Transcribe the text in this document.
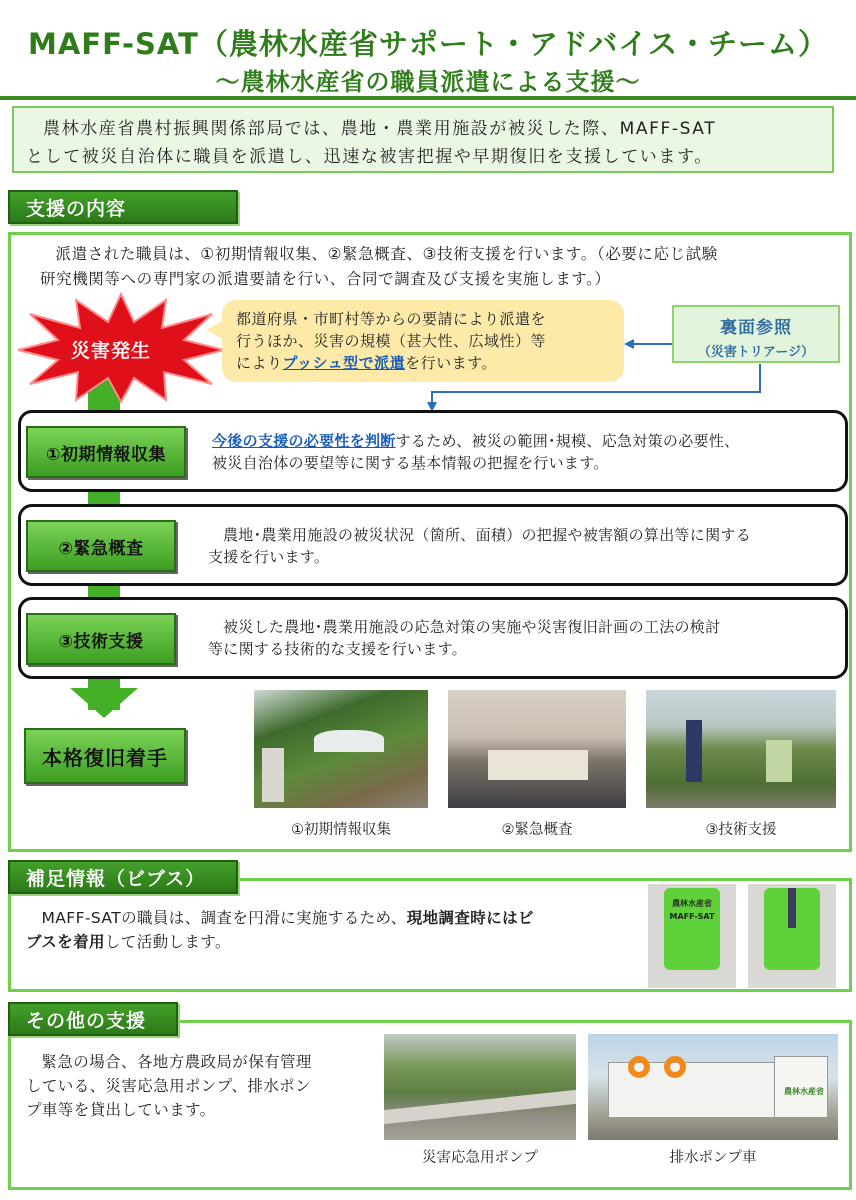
MAFF-SAT（農林水産省サポート・アドバイス・チーム）
～農林水産省の職員派遣による支援～

農林水産省農村振興関係部局では、農地・農業用施設が被災した際、MAFF-SAT

として被災自治体に職員を派遣し、迅速な被害把握や早期復旧を支援しています。
支援の内容
派遣された職員は、①初期情報収集、②緊急概査、③技術支援を行います。（必要に応じ試験
研究機関等への専門家の派遣要請を行い、合同で調査及び支援を実施します。）
災害発生
都道府県・市町村等からの要請により派遣を
行うほか、災害の規模（甚大性、広域性）等
によりプッシュ型で派遣を行います。
裏面参照
（災害トリアージ）
①初期情報収集
今後の支援の必要性を判断するため、被災の範囲･規模、応急対策の必要性、
被災自治体の要望等に関する基本情報の把握を行います。
②緊急概査
農地･農業用施設の被災状況（箇所、面積）の把握や被害額の算出等に関する
支援を行います。
③技術支援
被災した農地･農業用施設の応急対策の実施や災害復旧計画の工法の検討
等に関する技術的な支援を行います。
本格復旧着手
①初期情報収集	②緊急概査	③技術支援
補足情報（ビブス）
MAFF-SATの職員は、調査を円滑に実施するため、現地調査時にはビ
ブスを着用して活動します。
農林水産省
MAFF-SAT
その他の支援
緊急の場合、各地方農政局が保有管理
している、災害応急用ポンプ、排水ポン
プ車等を貸出しています。
農林水産省
災害応急用ポンプ	排水ポンプ車
